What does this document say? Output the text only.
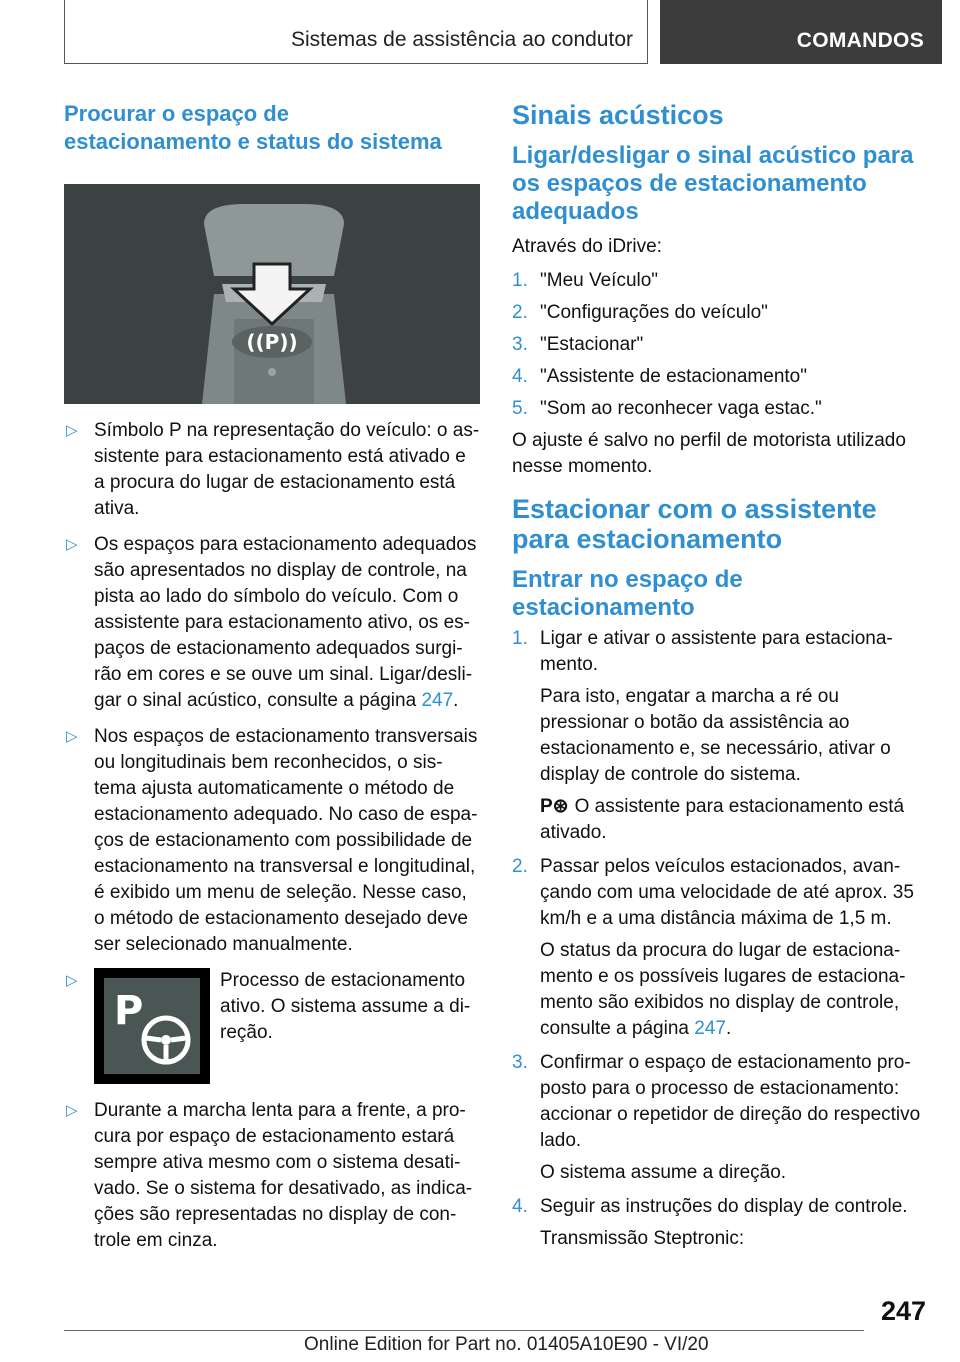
Sistemas de assistência ao condutor	COMANDOS
Procurar o espaço de
estacionamento e status do sistema
((P))
▷ Símbolo P na representação do veículo: o as-sistente para estacionamento está ativado e a procura do lugar de estacionamento está ativa.
▷ Os espaços para estacionamento adequados são apresentados no display de controle, na pista ao lado do símbolo do veículo. Com o assistente para estacionamento ativo, os es-paços de estacionamento adequados surgi-rão em cores e se ouve um sinal. Ligar/desli-gar o sinal acústico, consulte a página 247.
▷ Nos espaços de estacionamento transversais ou longitudinais bem reconhecidos, o sis-tema ajusta automaticamente o método de estacionamento adequado. No caso de espa-ços de estacionamento com possibilidade de estacionamento na transversal e longitudinal, é exibido um menu de seleção. Nesse caso, o método de estacionamento desejado deve ser selecionado manualmente.
▷
P
Processo de estacionamento ativo. O sistema assume a di-reção.
▷ Durante a marcha lenta para a frente, a pro-cura por espaço de estacionamento estará sempre ativa mesmo com o sistema desati-vado. Se o sistema for desativado, as indica-ções são representadas no display de con-trole em cinza.
Sinais acústicos
Ligar/desligar o sinal acústico para os espaços de estacionamento adequados

Através do iDrive:

1. "Meu Veículo"
2. "Configurações do veículo"
3. "Estacionar"
4. "Assistente de estacionamento"
5. "Som ao reconhecer vaga estac."

O ajuste é salvo no perfil de motorista utilizado nesse momento.

Estacionar com o assistente para estacionamento
Entrar no espaço de estacionamento
1. Ligar e ativar o assistente para estaciona-mento.

Para isto, engatar a marcha a ré ou pressionar o botão da assistência ao estacionamento e, se necessário, ativar o display de controle do sistema.

P⊛ O assistente para estacionamento está ativado.

2. Passar pelos veículos estacionados, avan-çando com uma velocidade de até aprox. 35 km/h e a uma distância máxima de 1,5 m.

O status da procura do lugar de estaciona-mento e os possíveis lugares de estaciona-mento são exibidos no display de controle, consulte a página 247.

3. Confirmar o espaço de estacionamento pro-posto para o processo de estacionamento: accionar o repetidor de direção do respectivo lado.

O sistema assume a direção.

4. Seguir as instruções do display de controle.

Transmissão Steptronic:

247
Online Edition for Part no. 01405A10E90 - VI/20
